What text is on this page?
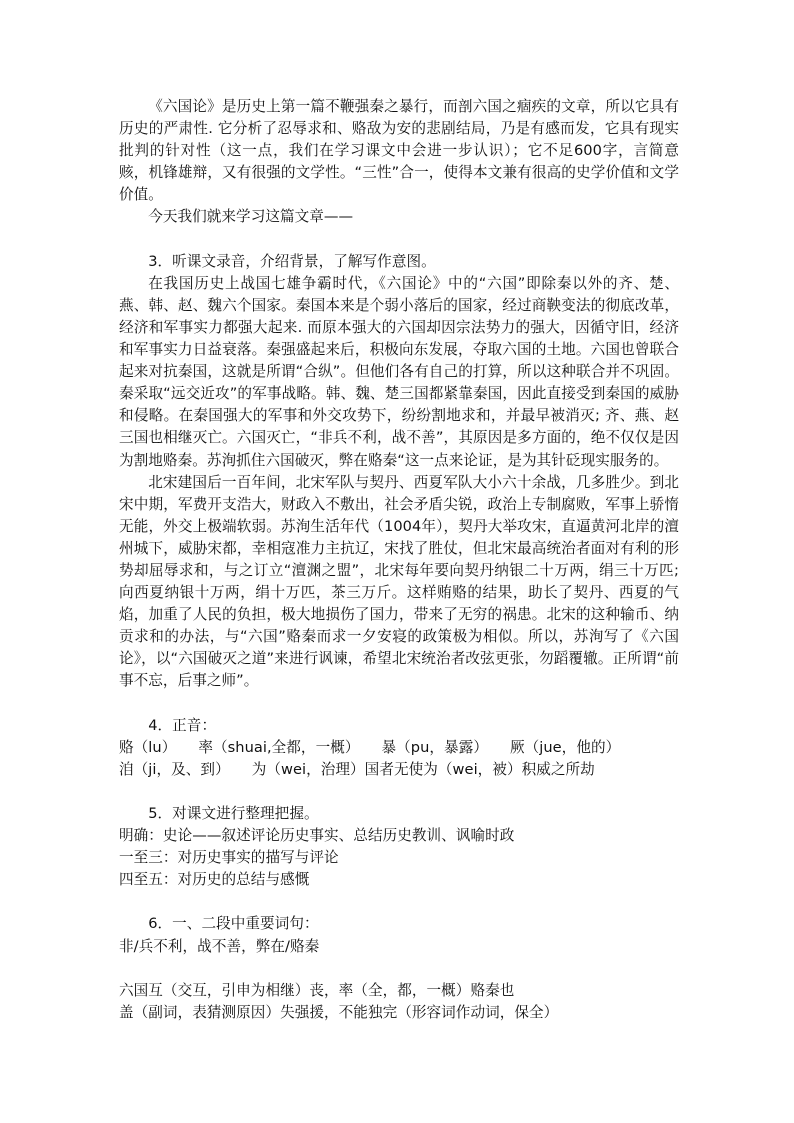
《六国论》是历史上第一篇不鞭强秦之暴行，而剖六国之痼疾的文章，所以它具有历史的严肃性. 它分析了忍辱求和、赂敌为安的悲剧结局，乃是有感而发，它具有现实批判的针对性（这一点，我们在学习课文中会进一步认识）；它不足600字，言简意赅，机锋雄辩，又有很强的文学性。“三性”合一，使得本文兼有很高的史学价值和文学价值。

今天我们就来学习这篇文章——

3．听课文录音，介绍背景，了解写作意图。

在我国历史上战国七雄争霸时代，《六国论》中的“六国”即除秦以外的齐、楚、燕、韩、赵、魏六个国家。秦国本来是个弱小落后的国家，经过商鞅变法的彻底改革，经济和军事实力都强大起来. 而原本强大的六国却因宗法势力的强大，因循守旧，经济和军事实力日益衰落。秦强盛起来后，积极向东发展，夺取六国的土地。六国也曾联合起来对抗秦国，这就是所谓“合纵”。但他们各有自己的打算，所以这种联合并不巩固。秦采取“远交近攻”的军事战略。韩、魏、楚三国都紧靠秦国，因此直接受到秦国的威胁和侵略。在秦国强大的军事和外交攻势下，纷纷割地求和，并最早被消灭; 齐、燕、赵三国也相继灭亡。六国灭亡，“非兵不利，战不善”，其原因是多方面的，绝不仅仅是因为割地赂秦。苏洵抓住六国破灭，弊在赂秦“这一点来论证，是为其针砭现实服务的。

北宋建国后一百年间，北宋军队与契丹、西夏军队大小六十余战，几多胜少。到北宋中期，军费开支浩大，财政入不敷出，社会矛盾尖锐，政治上专制腐败，军事上骄惰无能，外交上极端软弱。苏洵生活年代（1004年），契丹大举攻宋，直逼黄河北岸的澶州城下，威胁宋都，幸相寇准力主抗辽，宋找了胜仗，但北宋最高统治者面对有利的形势却屈辱求和，与之订立“澶渊之盟”，北宋每年要向契丹纳银二十万两，绢三十万匹; 向西夏纳银十万两，绢十万匹，茶三万斤。这样贿赂的结果，助长了契丹、西夏的气焰，加重了人民的负担，极大地损伤了国力，带来了无穷的祸患。北宋的这种输币、纳贡求和的办法，与“六国”赂秦而求一夕安寝的政策极为相似。所以，苏洵写了《六国论》，以“六国破灭之道”来进行讽谏，希望北宋统治者改弦更张，勿蹈覆辙。正所谓“前事不忘，后事之师”。

4．正音：

赂（lu）　　率（shuai,全都，一概）　　暴（pu，暴露）　　厥（jue，他的）

洎（ji，及、到）　　为（wei，治理）国者无使为（wei，被）积威之所劫

5．对课文进行整理把握。

明确：史论——叙述评论历史事实、总结历史教训、讽喻时政

一至三：对历史事实的描写与评论

四至五：对历史的总结与感慨

6．一、二段中重要词句：

非/兵不利，战不善，弊在/赂秦

六国互（交互，引申为相继）丧，率（全，都，一概）赂秦也

盖（副词，表猜测原因）失强援，不能独完（形容词作动词，保全）
